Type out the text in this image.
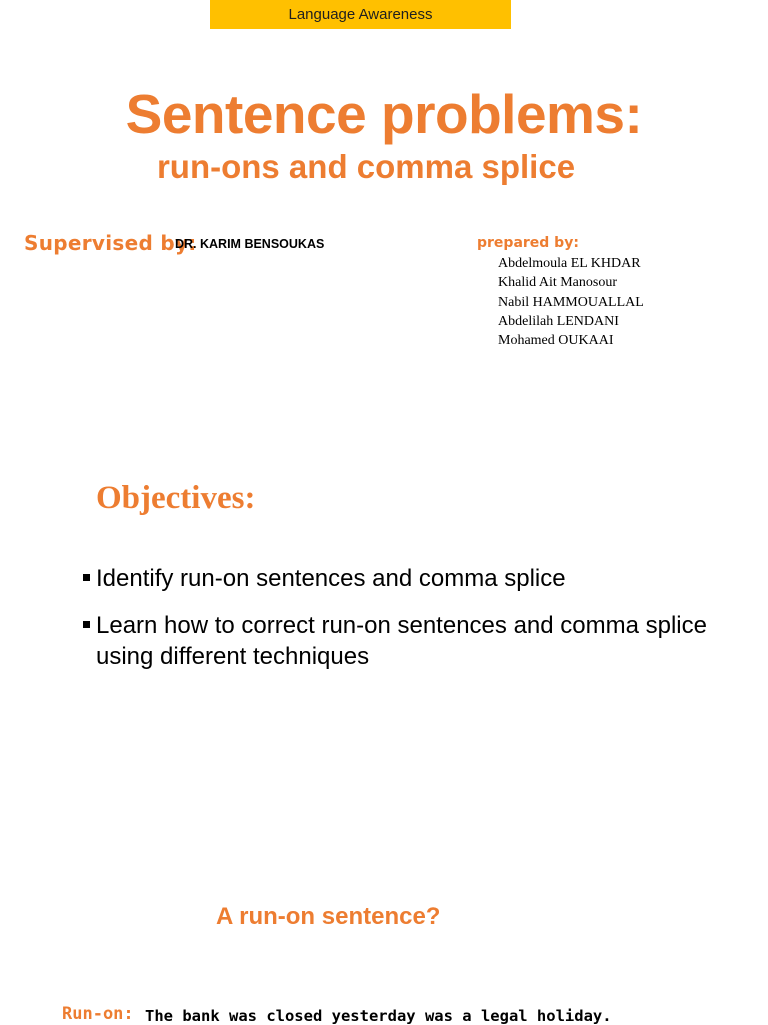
Language Awareness
Sentence problems:
run-ons and comma splice
Supervised by:
DR. KARIM BENSOUKAS	prepared by:
Abdelmoula EL KHDAR
Khalid Ait Manosour
Nabil HAMMOUALLAL
Abdelilah LENDANI
Mohamed OUKAAI
Objectives:
Identify run-on sentences and comma splice
Learn how to correct run-on sentences and comma splice using different techniques
A run-on sentence?
Run-on: The bank was closed yesterday was a legal holiday.
